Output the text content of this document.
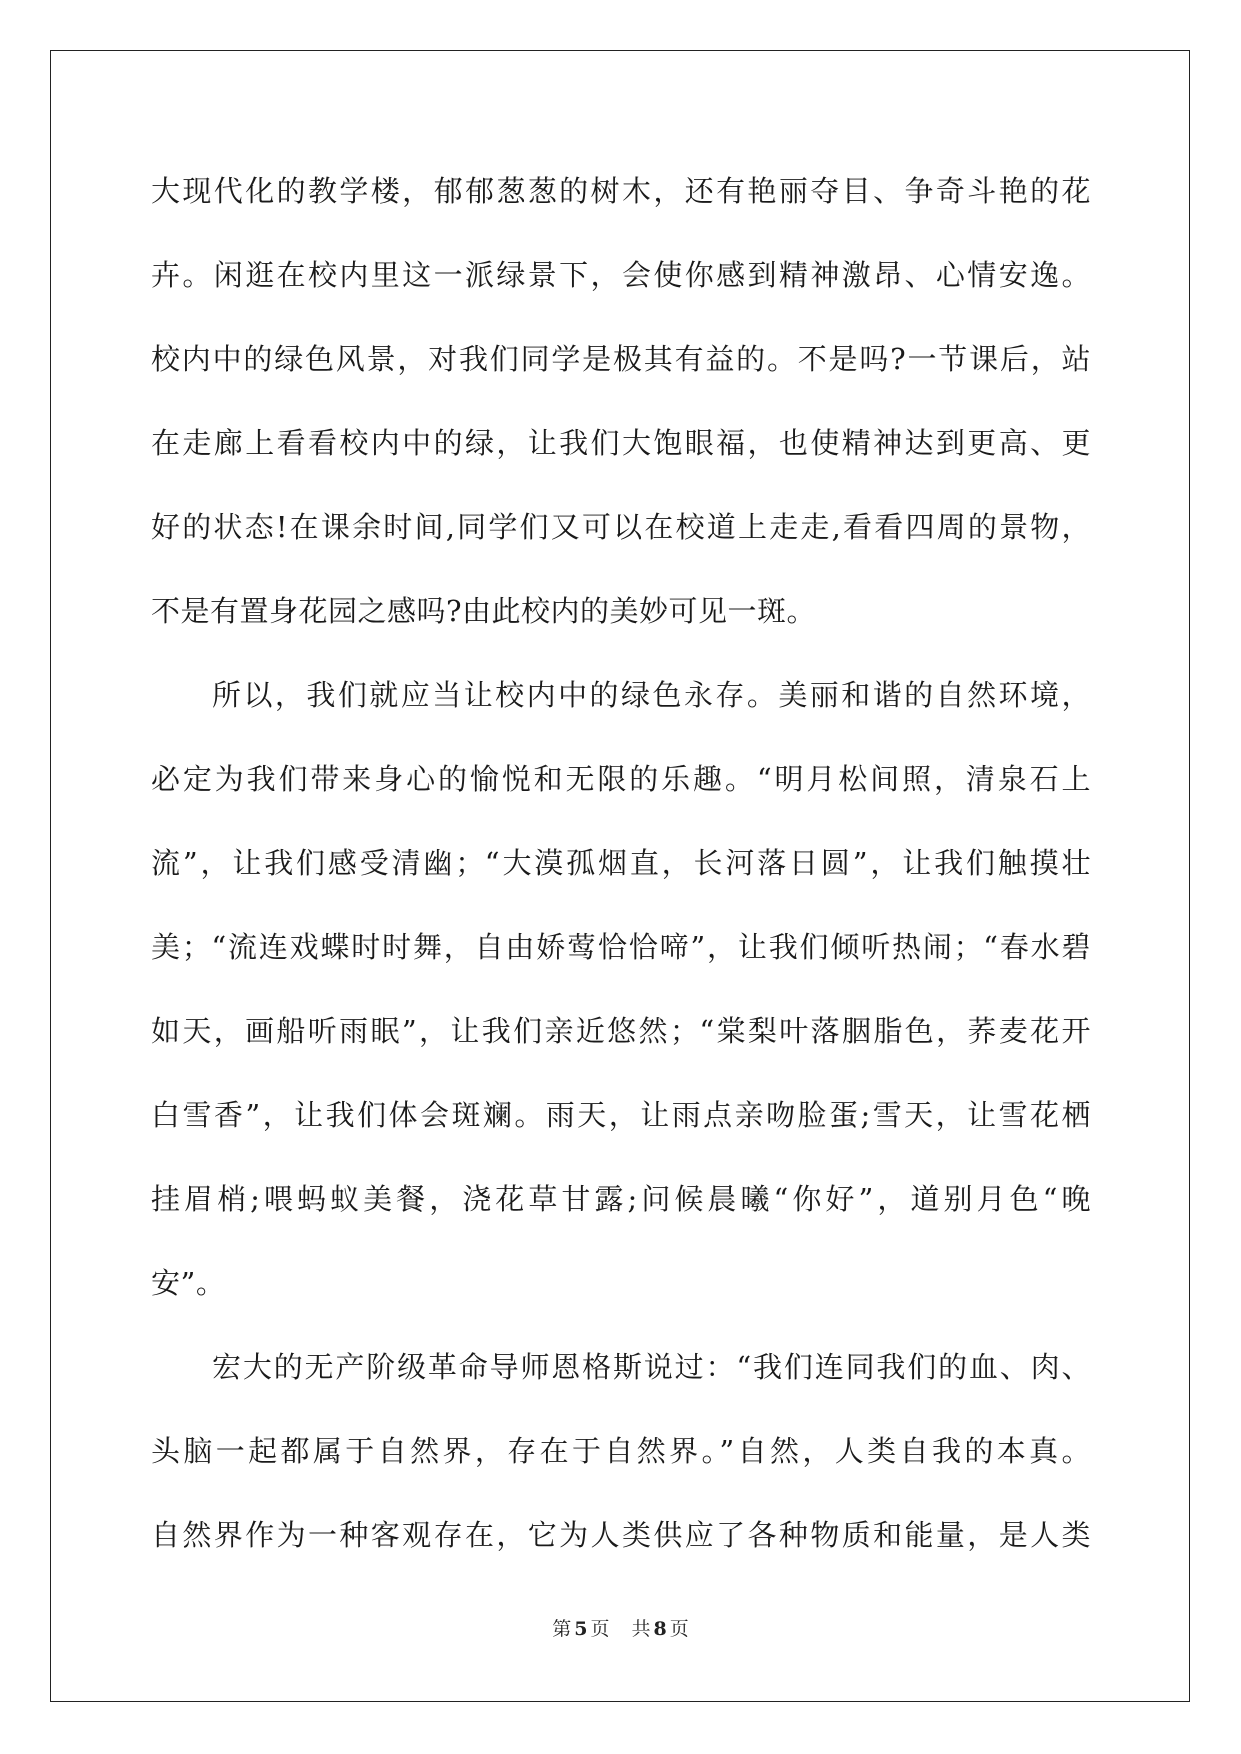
大现代化的教学楼，郁郁葱葱的树木，还有艳丽夺目、争奇斗艳的花
卉。闲逛在校内里这一派绿景下，会使你感到精神激昂、心情安逸。
校内中的绿色风景，对我们同学是极其有益的。不是吗?一节课后，站
在走廊上看看校内中的绿，让我们大饱眼福，也使精神达到更高、更
好的状态!在课余时间,同学们又可以在校道上走走,看看四周的景物，
不是有置身花园之感吗?由此校内的美妙可见一斑。
所以，我们就应当让校内中的绿色永存。美丽和谐的自然环境，
必定为我们带来身心的愉悦和无限的乐趣。“明月松间照，清泉石上
流”，让我们感受清幽；“大漠孤烟直，长河落日圆”，让我们触摸壮
美；“流连戏蝶时时舞，自由娇莺恰恰啼”，让我们倾听热闹；“春水碧
如天，画船听雨眠”，让我们亲近悠然；“棠梨叶落胭脂色，荞麦花开
白雪香”，让我们体会斑斓。雨天，让雨点亲吻脸蛋;雪天，让雪花栖
挂眉梢;喂蚂蚁美餐，浇花草甘露;问候晨曦“你好”，道别月色“晚
安”。
宏大的无产阶级革命导师恩格斯说过：“我们连同我们的血、肉、
头脑一起都属于自然界，存在于自然界。”自然，人类自我的本真。
自然界作为一种客观存在，它为人类供应了各种物质和能量，是人类
第 5 页 共 8 页
